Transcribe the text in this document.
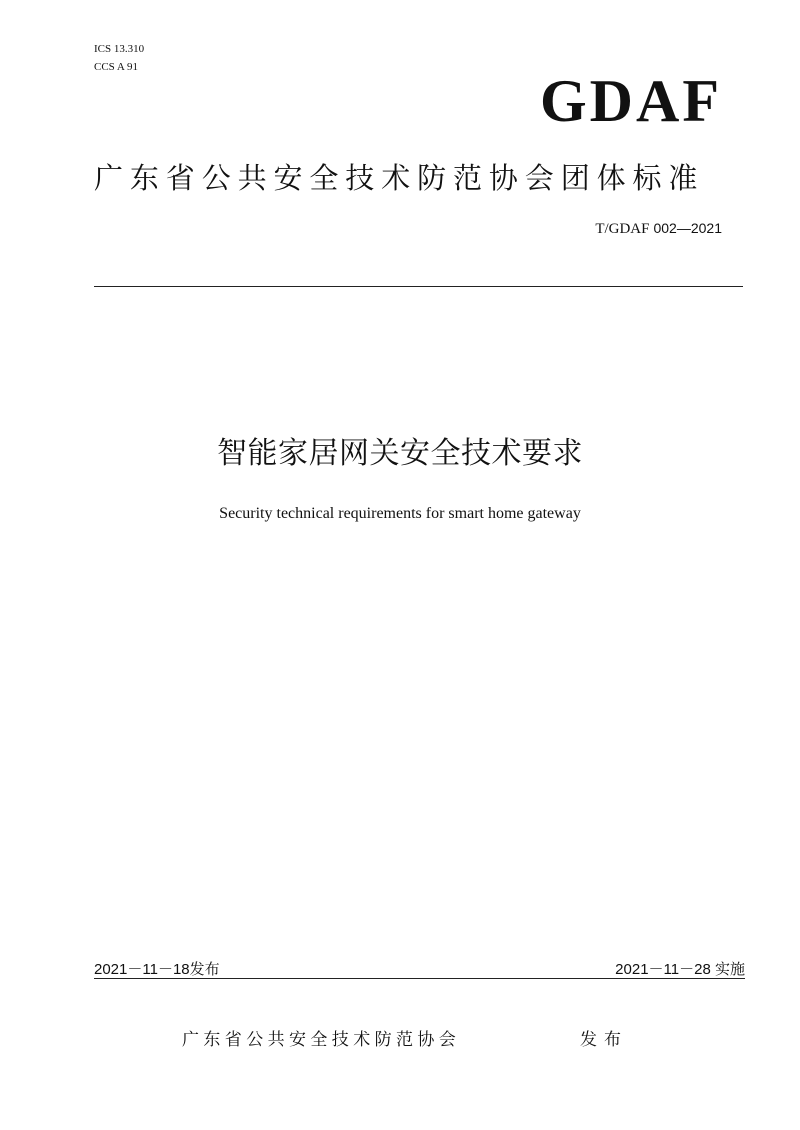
ICS 13.310
CCS A 91
GDAF
广东省公共安全技术防范协会团体标准
T/GDAF 002—2021
智能家居网关安全技术要求
Security technical requirements for smart home gateway
2021－11－18发布	2021－11－28 实施
广东省公共安全技术防范协会	发布
